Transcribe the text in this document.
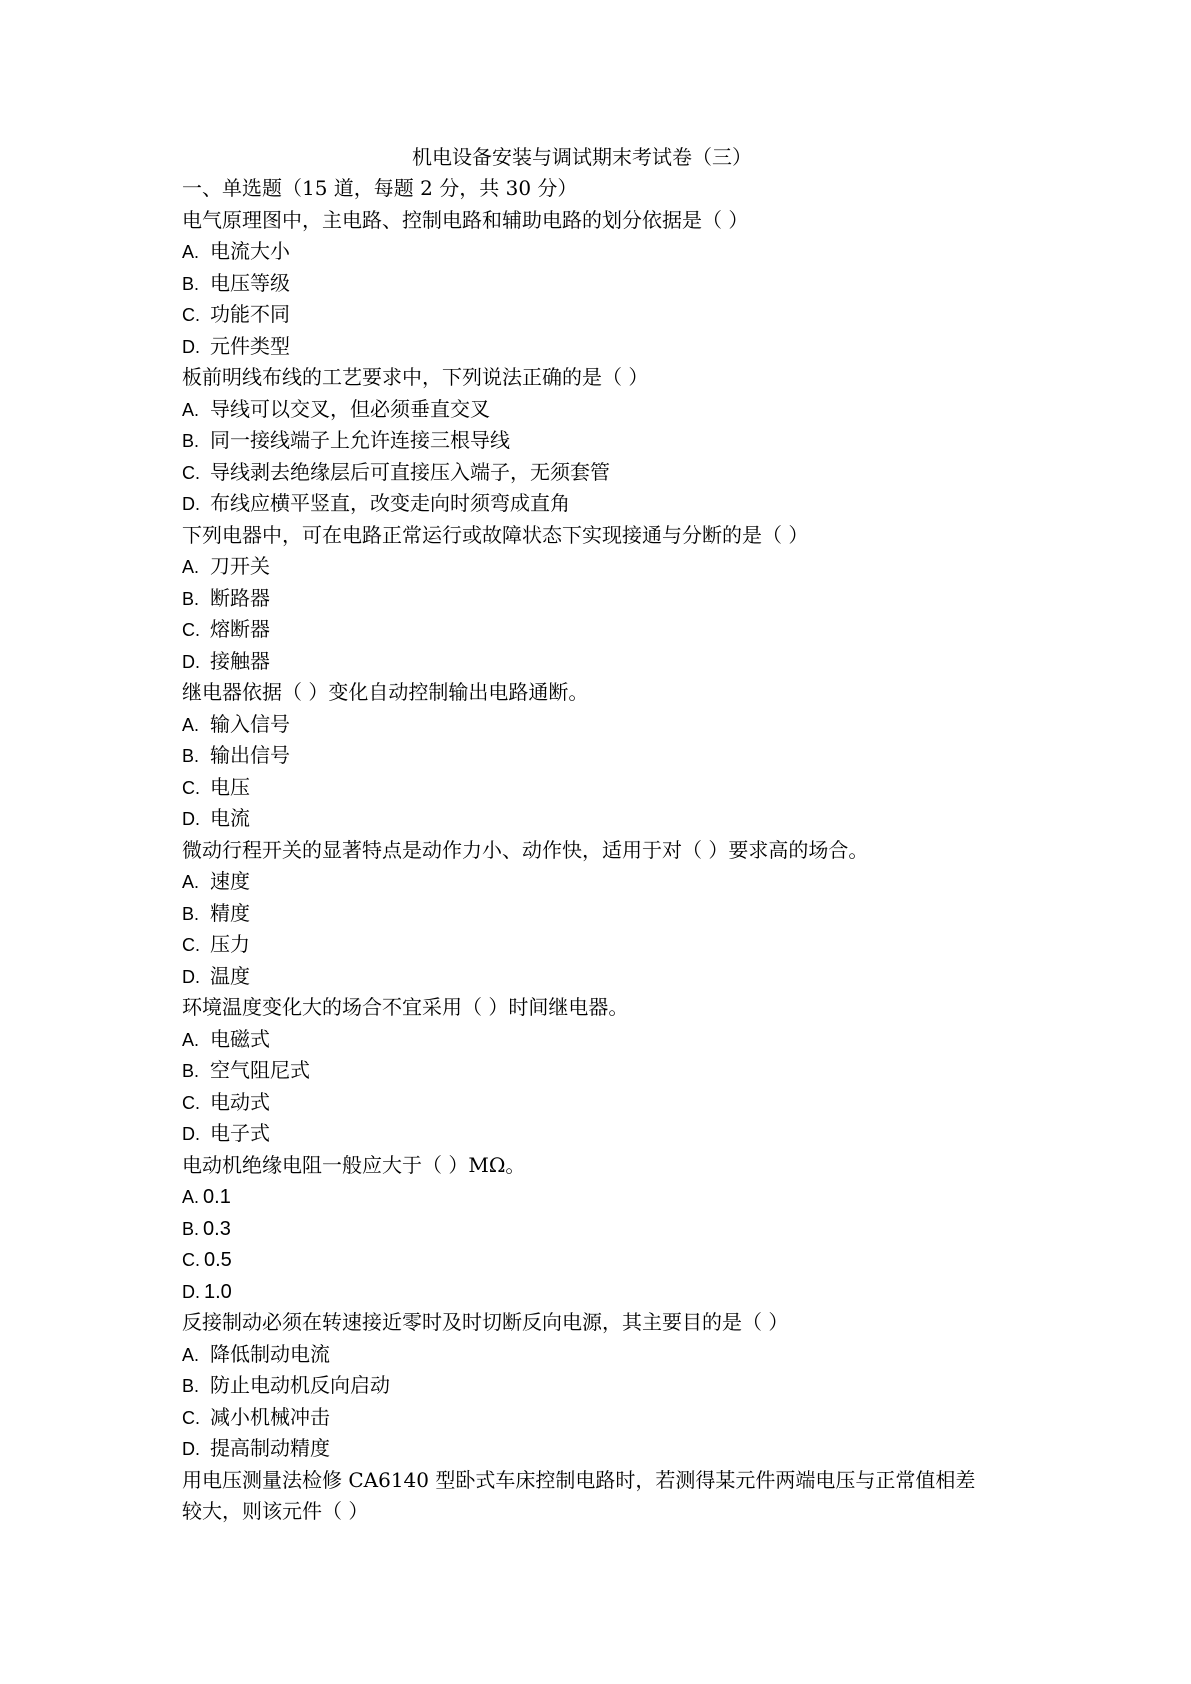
机电设备安装与调试期末考试卷（三）
一、单选题（15 道，每题 2 分，共 30 分）
电气原理图中，主电路、控制电路和辅助电路的划分依据是（ ）
A. 电流大小
B. 电压等级
C. 功能不同
D. 元件类型
板前明线布线的工艺要求中，下列说法正确的是（ ）
A. 导线可以交叉，但必须垂直交叉
B. 同一接线端子上允许连接三根导线
C. 导线剥去绝缘层后可直接压入端子，无须套管
D. 布线应横平竖直，改变走向时须弯成直角
下列电器中，可在电路正常运行或故障状态下实现接通与分断的是（ ）
A. 刀开关
B. 断路器
C. 熔断器
D. 接触器
继电器依据（ ）变化自动控制输出电路通断。
A. 输入信号
B. 输出信号
C. 电压
D. 电流
微动行程开关的显著特点是动作力小、动作快，适用于对（ ）要求高的场合。
A. 速度
B. 精度
C. 压力
D. 温度
环境温度变化大的场合不宜采用（ ）时间继电器。
A. 电磁式
B. 空气阻尼式
C. 电动式
D. 电子式
电动机绝缘电阻一般应大于（ ）MΩ。
A. 0.1
B. 0.3
C. 0.5
D. 1.0
反接制动必须在转速接近零时及时切断反向电源，其主要目的是（ ）
A. 降低制动电流
B. 防止电动机反向启动
C. 减小机械冲击
D. 提高制动精度
用电压测量法检修 CA6140 型卧式车床控制电路时，若测得某元件两端电压与正常值相差
较大，则该元件（ ）
